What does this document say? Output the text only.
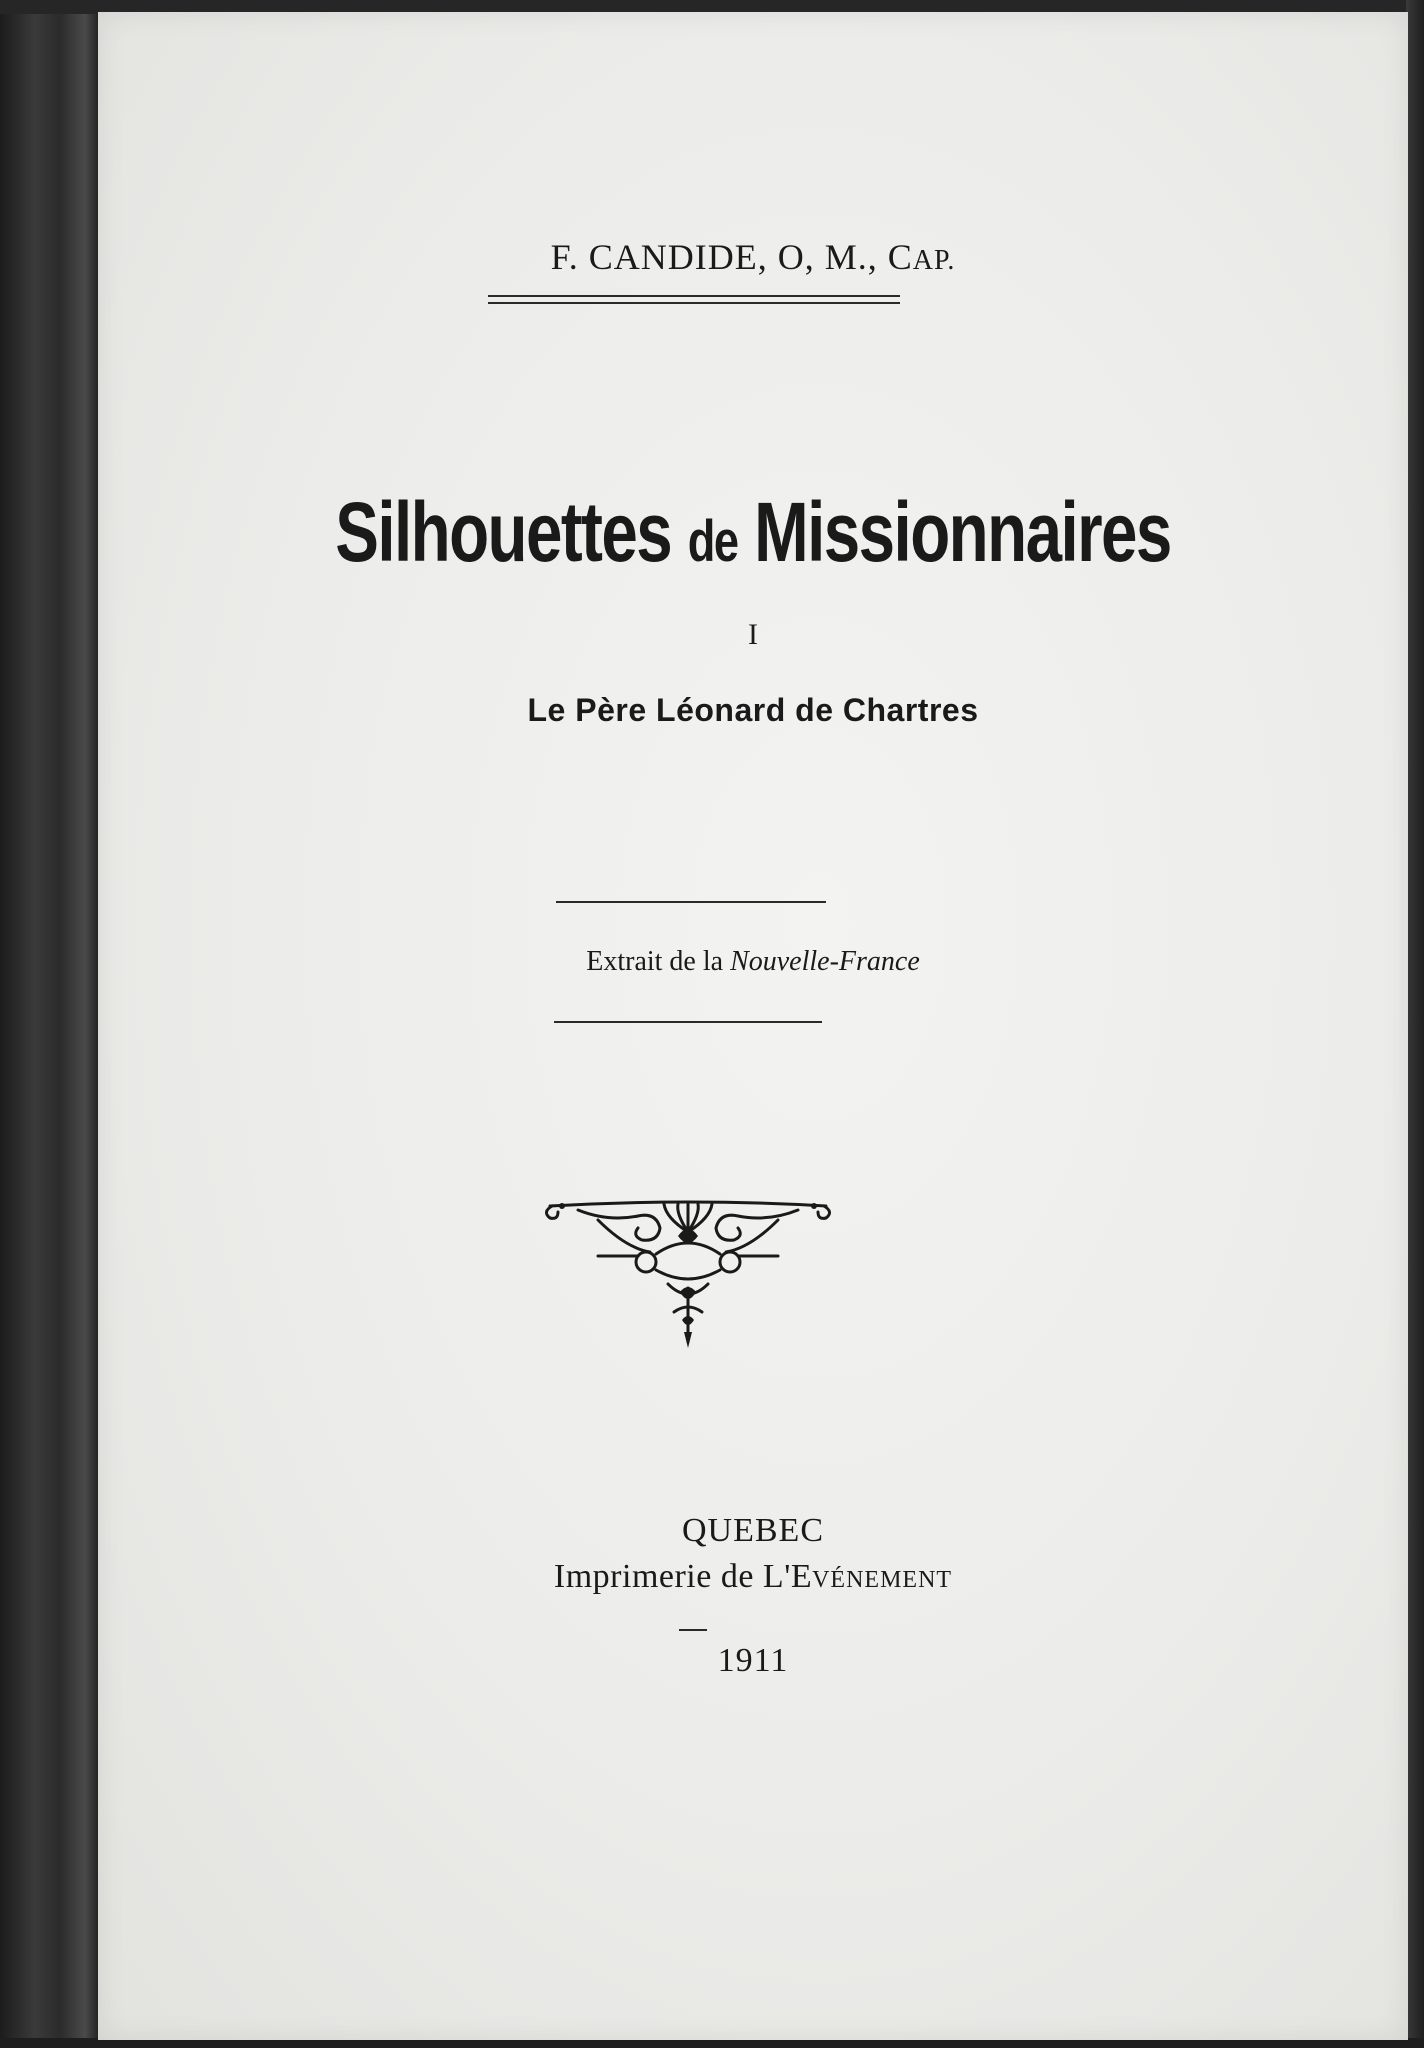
F. CANDIDE, O, M., CAP.
Silhouettes de Missionnaires
I
Le Père Léonard de Chartres
Extrait de la Nouvelle-France
QUEBEC
Imprimerie de L'EVÉNEMENT
1911
